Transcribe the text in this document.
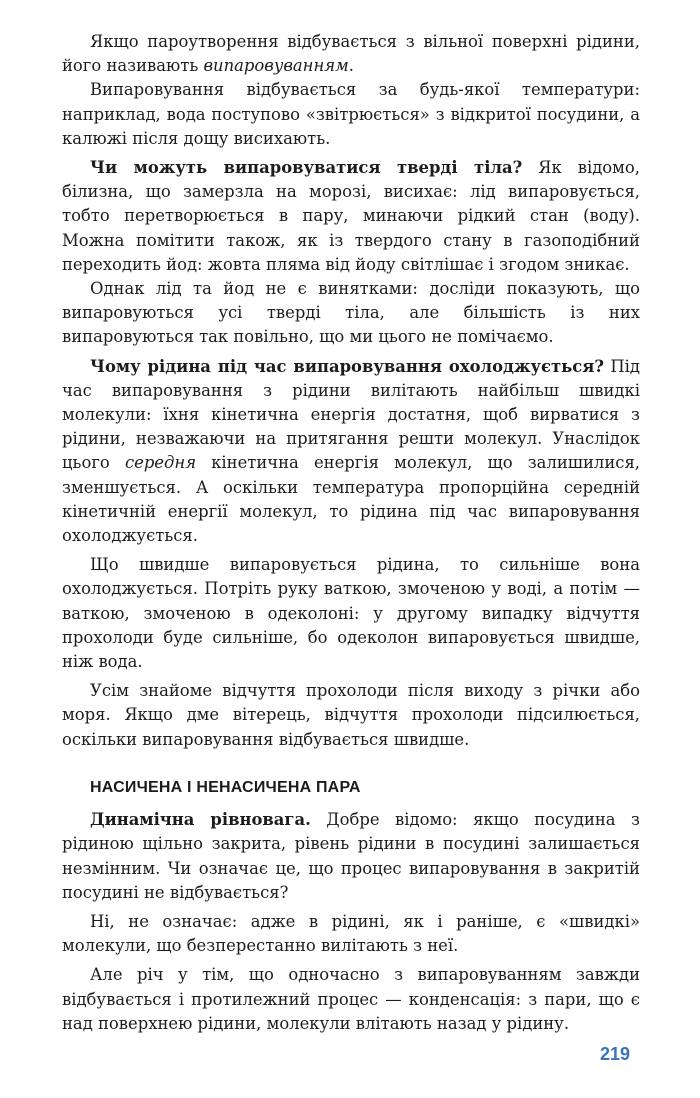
Якщо пароутворення відбувається з вільної поверхні рідини, його називають випаровуванням.

Випаровування відбувається за будь-якої температури: наприклад, вода поступово «звітрюється» з відкритої посудини, а калюжі після дощу висихають.

Чи можуть випаровуватися тверді тіла? Як відомо, білизна, що замерзла на морозі, висихає: лід випаровується, тобто перетворюється в пару, минаючи рідкий стан (воду). Можна помітити також, як із твердого стану в газоподібний переходить йод: жовта пляма від йоду світлішає і згодом зникає.

Однак лід та йод не є винятками: досліди показують, що випаровуються усі тверді тіла, але більшість із них випаровуються так повільно, що ми цього не помічаємо.

Чому рідина під час випаровування охолоджується? Під час випаровування з рідини вилітають найбільш швидкі молекули: їхня кінетична енергія достатня, щоб вирватися з рідини, незважаючи на притягання решти молекул. Унаслідок цього середня кінетична енергія молекул, що залишилися, зменшується. А оскільки температура пропорційна середній кінетичній енергії молекул, то рідина під час випаровування охолоджується.

Що швидше випаровується рідина, то сильніше вона охолоджується. Потріть руку ваткою, змоченою у воді, а потім — ваткою, змоченою в одеколоні: у другому випадку відчуття прохолоди буде сильніше, бо одеколон випаровується швидше, ніж вода.

Усім знайоме відчуття прохолоди після виходу з річки або моря. Якщо дме вітерець, відчуття прохолоди підсилюється, оскільки випаровування відбувається швидше.

НАСИЧЕНА І НЕНАСИЧЕНА ПАРА

Динамічна рівновага. Добре відомо: якщо посудина з рідиною щільно закрита, рівень рідини в посудині залишається незмінним. Чи означає це, що процес випаровування в закритій посудині не відбувається?

Ні, не означає: адже в рідині, як і раніше, є «швидкі» молекули, що безперестанно вилітають з неї.

Але річ у тім, що одночасно з випаровуванням завжди відбувається і протилежний процес — конденсація: з пари, що є над поверхнею рідини, молекули влітають назад у рідину.

219
